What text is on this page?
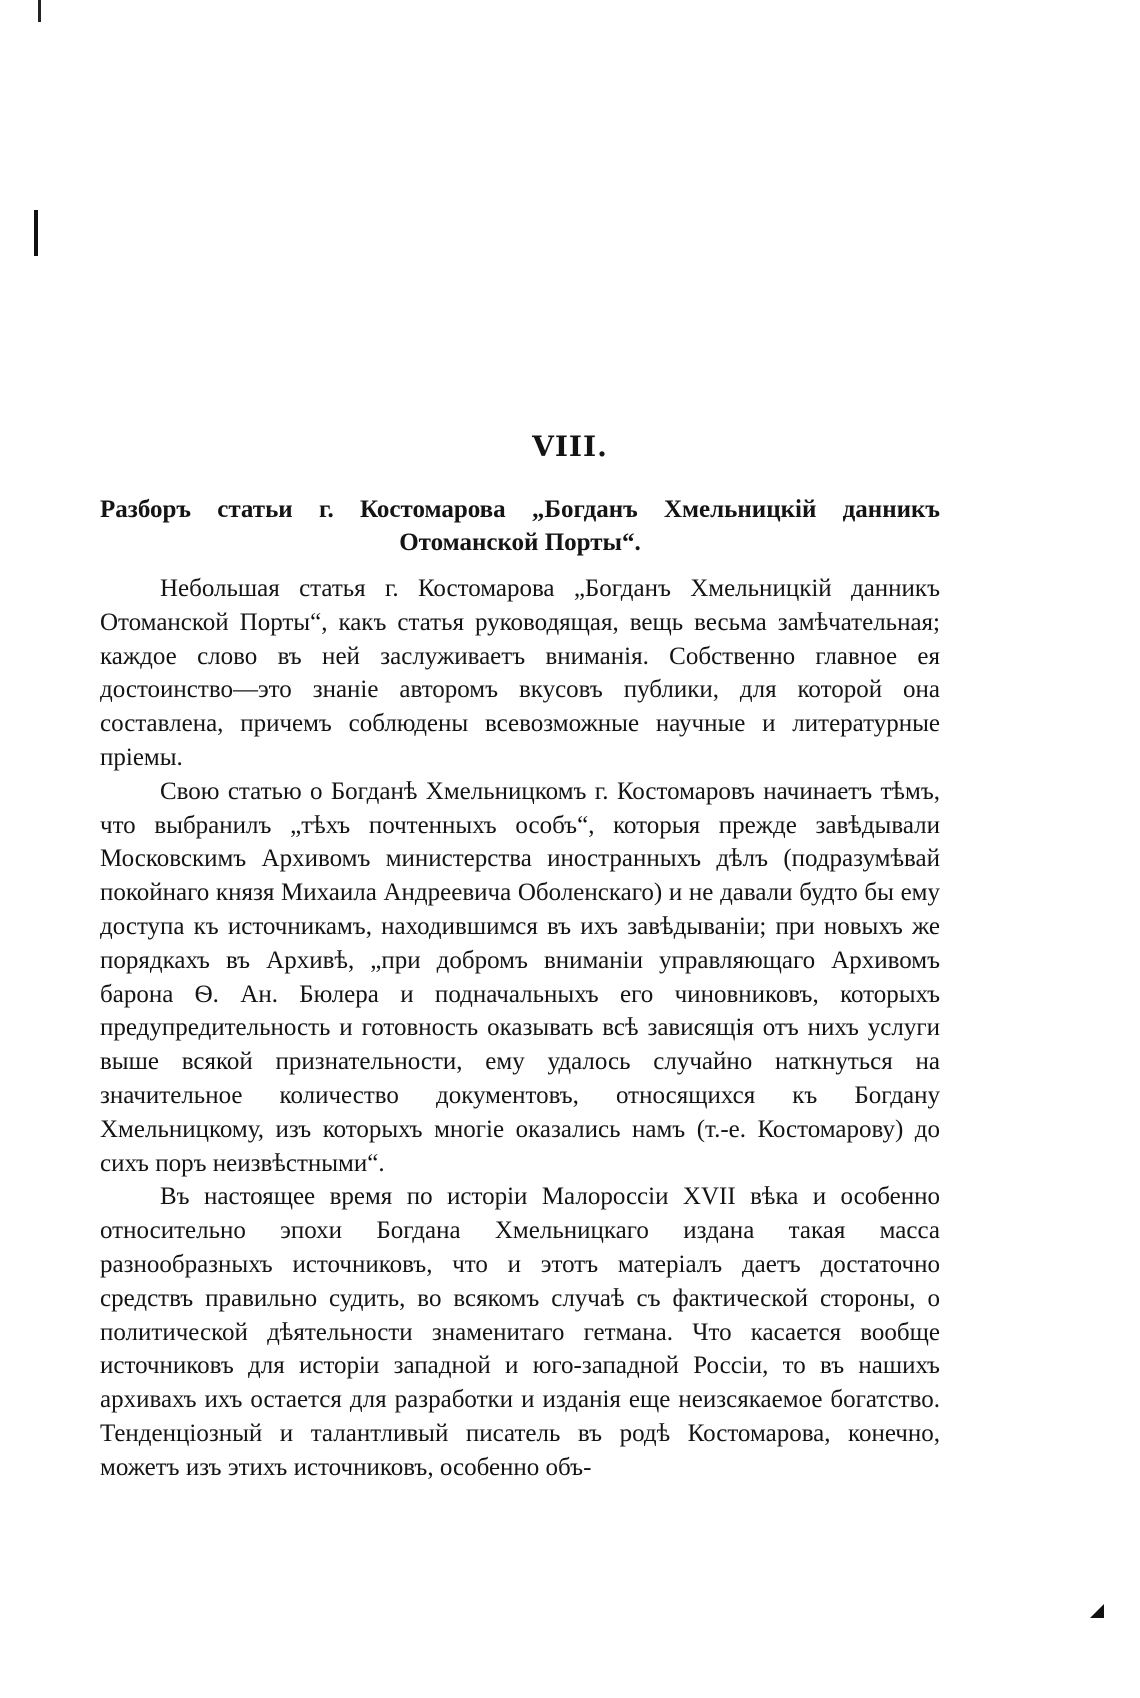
VIII.
Разборъ статьи г. Костомарова „Богданъ Хмельницкій данникъ Отоманской Порты“.

Небольшая статья г. Костомарова „Богданъ Хмельницкій данникъ Отоманской Порты“, какъ статья руководящая, вещь весьма замѣчательная; каждое слово въ ней заслуживаетъ вниманія. Собственно главное ея достоинство—это знаніе авторомъ вкусовъ публики, для которой она составлена, причемъ соблюдены всевозможные научные и литературные пріемы.

Свою статью о Богданѣ Хмельницкомъ г. Костомаровъ начинаетъ тѣмъ, что выбранилъ „тѣхъ почтенныхъ особъ“, которыя прежде завѣдывали Московскимъ Архивомъ министерства иностранныхъ дѣлъ (подразумѣвай покойнаго князя Михаила Андреевича Оболенскаго) и не давали будто бы ему доступа къ источникамъ, находившимся въ ихъ завѣдываніи; при новыхъ же порядкахъ въ Архивѣ, „при добромъ вниманіи управляющаго Архивомъ барона Ѳ. Ан. Бюлера и подначальныхъ его чиновниковъ, которыхъ предупредительность и готовность оказывать всѣ зависящія отъ нихъ услуги выше всякой признательности, ему удалось случайно наткнуться на значительное количество документовъ, относящихся къ Богдану Хмельницкому, изъ которыхъ многіе оказались намъ (т.-е. Костомарову) до сихъ поръ неизвѣстными“.

Въ настоящее время по исторіи Малороссіи XVII вѣка и особенно относительно эпохи Богдана Хмельницкаго издана такая масса разнообразныхъ источниковъ, что и этотъ матеріалъ даетъ достаточно средствъ правильно судить, во всякомъ случаѣ съ фактической стороны, о политической дѣятельности знаменитаго гетмана. Что касается вообще источниковъ для исторіи западной и юго-западной Россіи, то въ нашихъ архивахъ ихъ остается для разработки и изданія еще неизсякаемое богатство. Тенденціозный и талантливый писатель въ родѣ Костомарова, конечно, можетъ изъ этихъ источниковъ, особенно объ-
